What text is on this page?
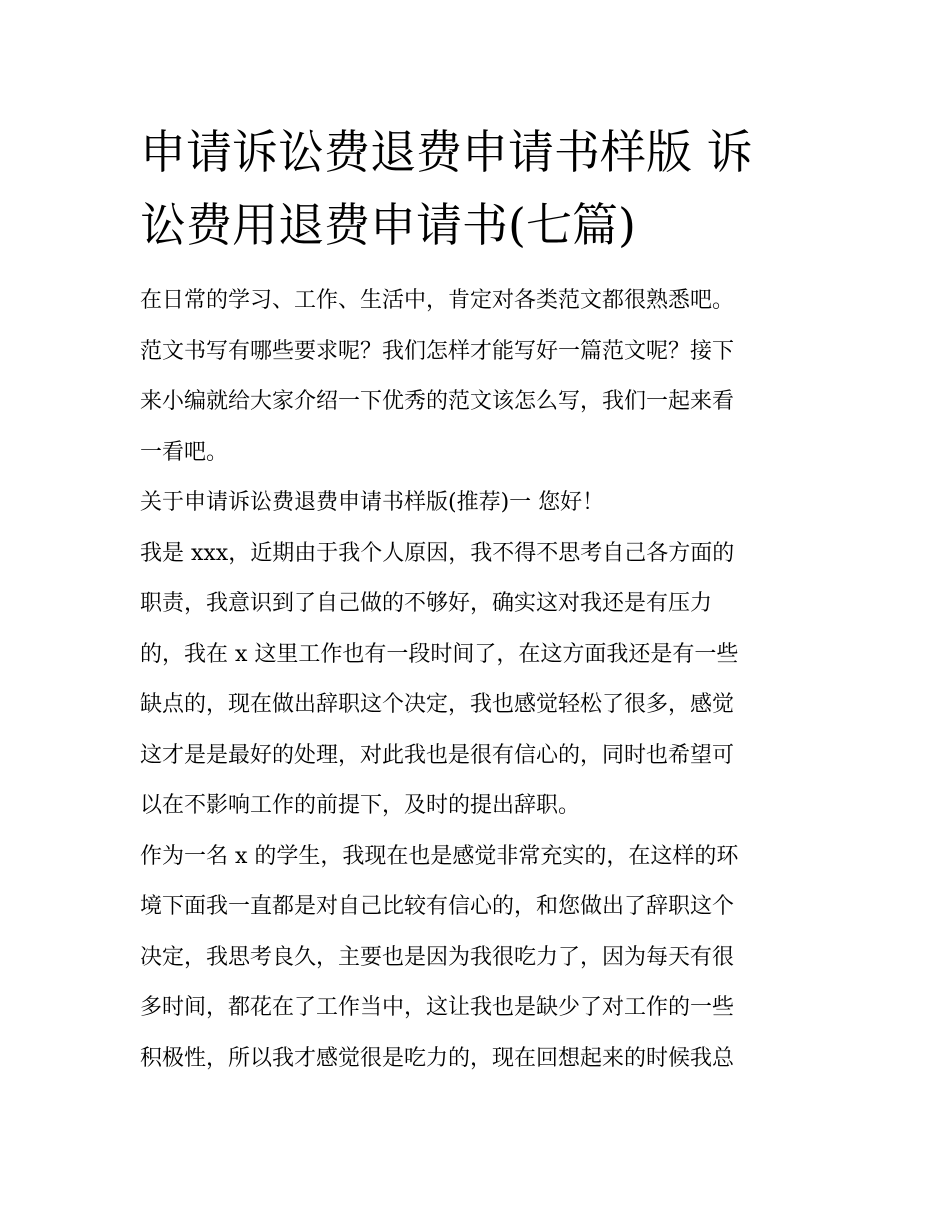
申请诉讼费退费申请书样版 诉
讼费用退费申请书(七篇)
在日常的学习、工作、生活中，肯定对各类范文都很熟悉吧。
范文书写有哪些要求呢？我们怎样才能写好一篇范文呢？接下
来小编就给大家介绍一下优秀的范文该怎么写，我们一起来看
一看吧。
关于申请诉讼费退费申请书样版(推荐)一 您好！
我是 xxx，近期由于我个人原因，我不得不思考自己各方面的
职责，我意识到了自己做的不够好，确实这对我还是有压力
的，我在 x 这里工作也有一段时间了，在这方面我还是有一些
缺点的，现在做出辞职这个决定，我也感觉轻松了很多，感觉
这才是是最好的处理，对此我也是很有信心的，同时也希望可
以在不影响工作的前提下，及时的提出辞职。
作为一名 x 的学生，我现在也是感觉非常充实的，在这样的环
境下面我一直都是对自己比较有信心的，和您做出了辞职这个
决定，我思考良久，主要也是因为我很吃力了，因为每天有很
多时间，都花在了工作当中，这让我也是缺少了对工作的一些
积极性，所以我才感觉很是吃力的，现在回想起来的时候我总
